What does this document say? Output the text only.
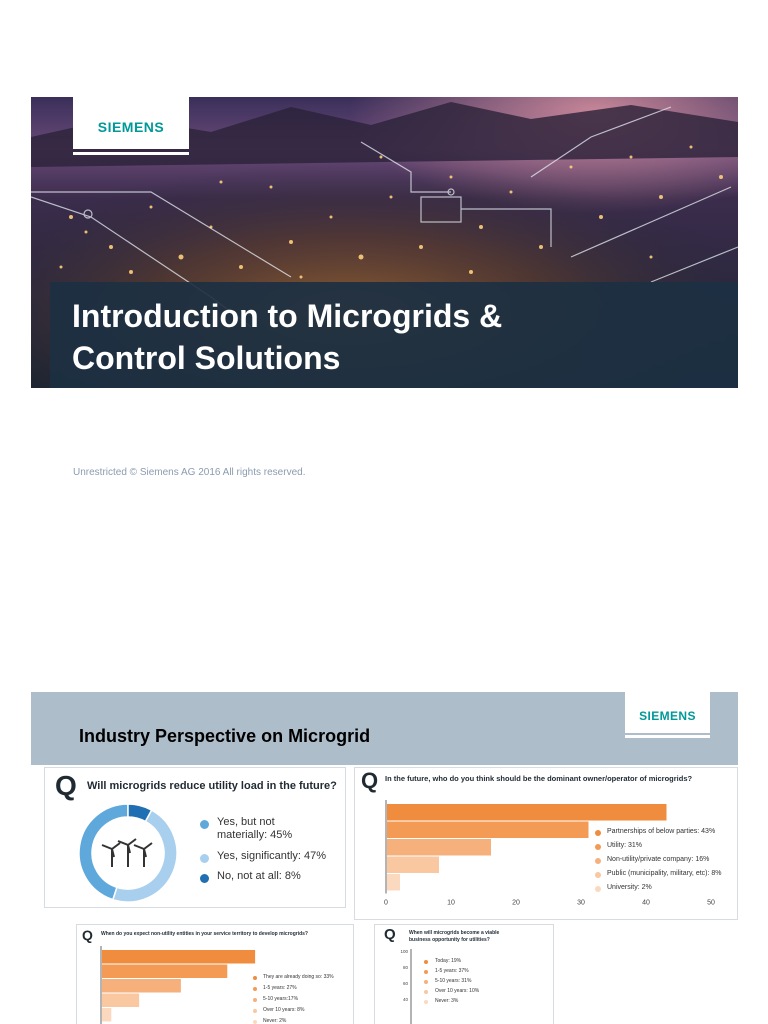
SIEMENS
Introduction to Microgrids &
Control Solutions
Unrestricted © Siemens AG 2016 All rights reserved.
Industry Perspective on Microgrid
SIEMENS
Q Will microgrids reduce utility load in the future?
Yes, but not materially: 45%
Yes, significantly: 47%
No, not at all: 8%
Q In the future, who do you think should be the dominant owner/operator of microgrids?
0	10	20	30	40	50
Partnerships of below parties: 43%
Utility: 31%
Non-utility/private company: 16%
Public (municipality, military, etc): 8%
University: 2%
Q When do you expect non-utility entities in your service territory to develop microgrids?
They are already doing so: 33%
1-5 years: 27%
5-10 years:17%
Over 10 years: 8%
Never: 2%
Q	When will microgrids become a viable
business opportunity for utilities?
100
80
60
40
Today: 19%
1-5 years: 37%
5-10 years: 31%
Over 10 years: 10%
Never: 3%
